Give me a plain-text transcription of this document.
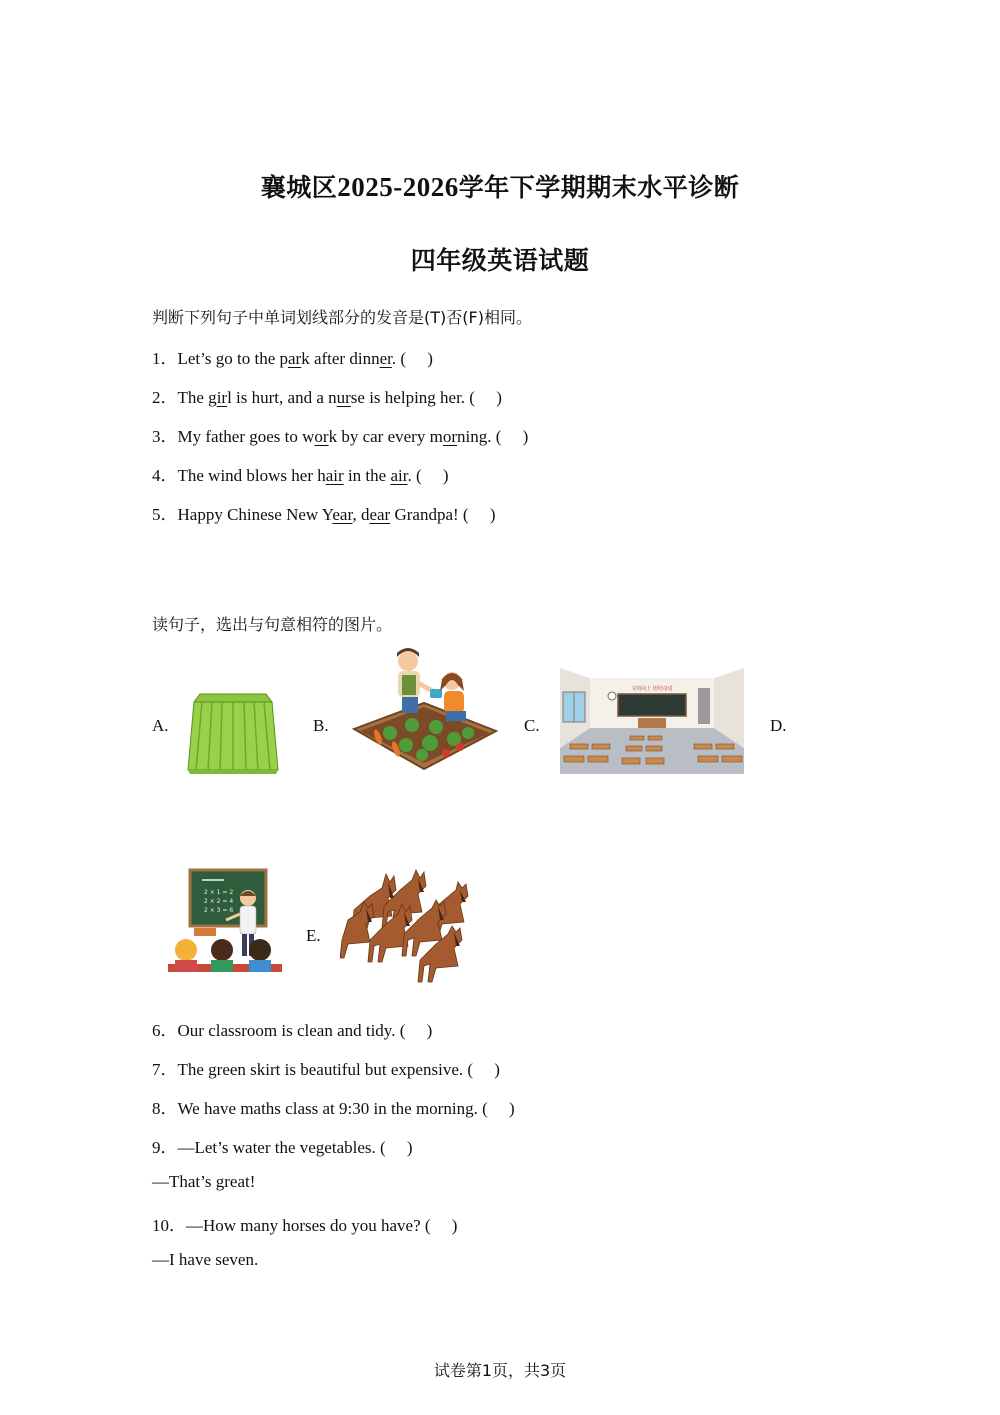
襄城区2025-2026学年下学期期末水平诊断
四年级英语试题
判断下列句子中单词划线部分的发音是(T)否(F)相同。
1．Let’s go to the park after dinner. (　 )
2．The girl is hurt, and a nurse is helping her. (　 )
3．My father goes to work by car every morning. (　 )
4．The wind blows her hair in the air. (　 )
5．Happy Chinese New Year, dear Grandpa! (　 )
读句子，选出与句意相符的图片。
A.	B.	C.	D.
E.
文明向上 团结奋进
2 × 1 = 2
2 × 2 = 4
2 × 3 = 6
6．Our classroom is clean and tidy. (　 )
7．The green skirt is beautiful but expensive. (　 )
8．We have maths class at 9:30 in the morning. (　 )
9．—Let’s water the vegetables. (　 )
—That’s great!
10．—How many horses do you have? (　 )
—I have seven.
试卷第1页，共3页
